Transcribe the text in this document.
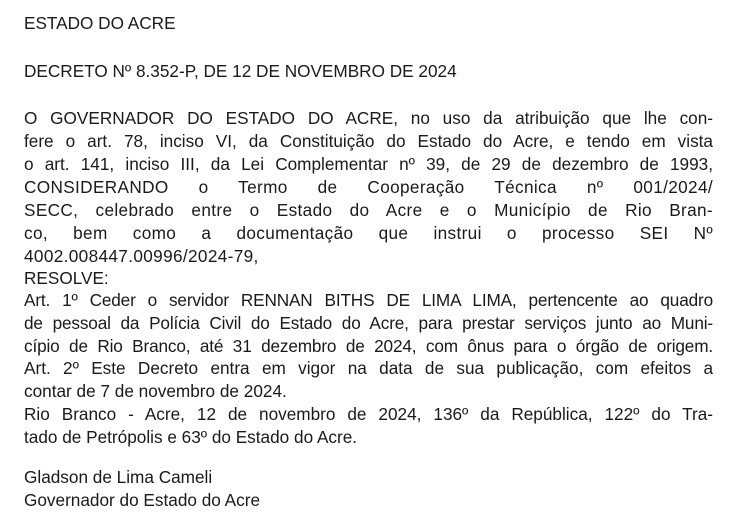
ESTADO DO ACRE
DECRETO Nº 8.352-P, DE 12 DE NOVEMBRO DE 2024
O GOVERNADOR DO ESTADO DO ACRE, no uso da atribuição que lhe con-
fere o art. 78, inciso VI, da Constituição do Estado do Acre, e tendo em vista
o art. 141, inciso III, da Lei Complementar nº 39, de 29 de dezembro de 1993,
CONSIDERANDO o Termo de Cooperação Técnica nº 001/2024/
SECC, celebrado entre o Estado do Acre e o Município de Rio Bran-
co, bem como a documentação que instrui o processo SEI Nº
4002.008447.00996/2024-79,
RESOLVE:
Art. 1º Ceder o servidor RENNAN BITHS DE LIMA LIMA, pertencente ao quadro
de pessoal da Polícia Civil do Estado do Acre, para prestar serviços junto ao Muni-
cípio de Rio Branco, até 31 dezembro de 2024, com ônus para o órgão de origem.
Art. 2º Este Decreto entra em vigor na data de sua publicação, com efeitos a
contar de 7 de novembro de 2024.
Rio Branco - Acre, 12 de novembro de 2024, 136º da República, 122º do Tra-
tado de Petrópolis e 63º do Estado do Acre.
Gladson de Lima Cameli
Governador do Estado do Acre
